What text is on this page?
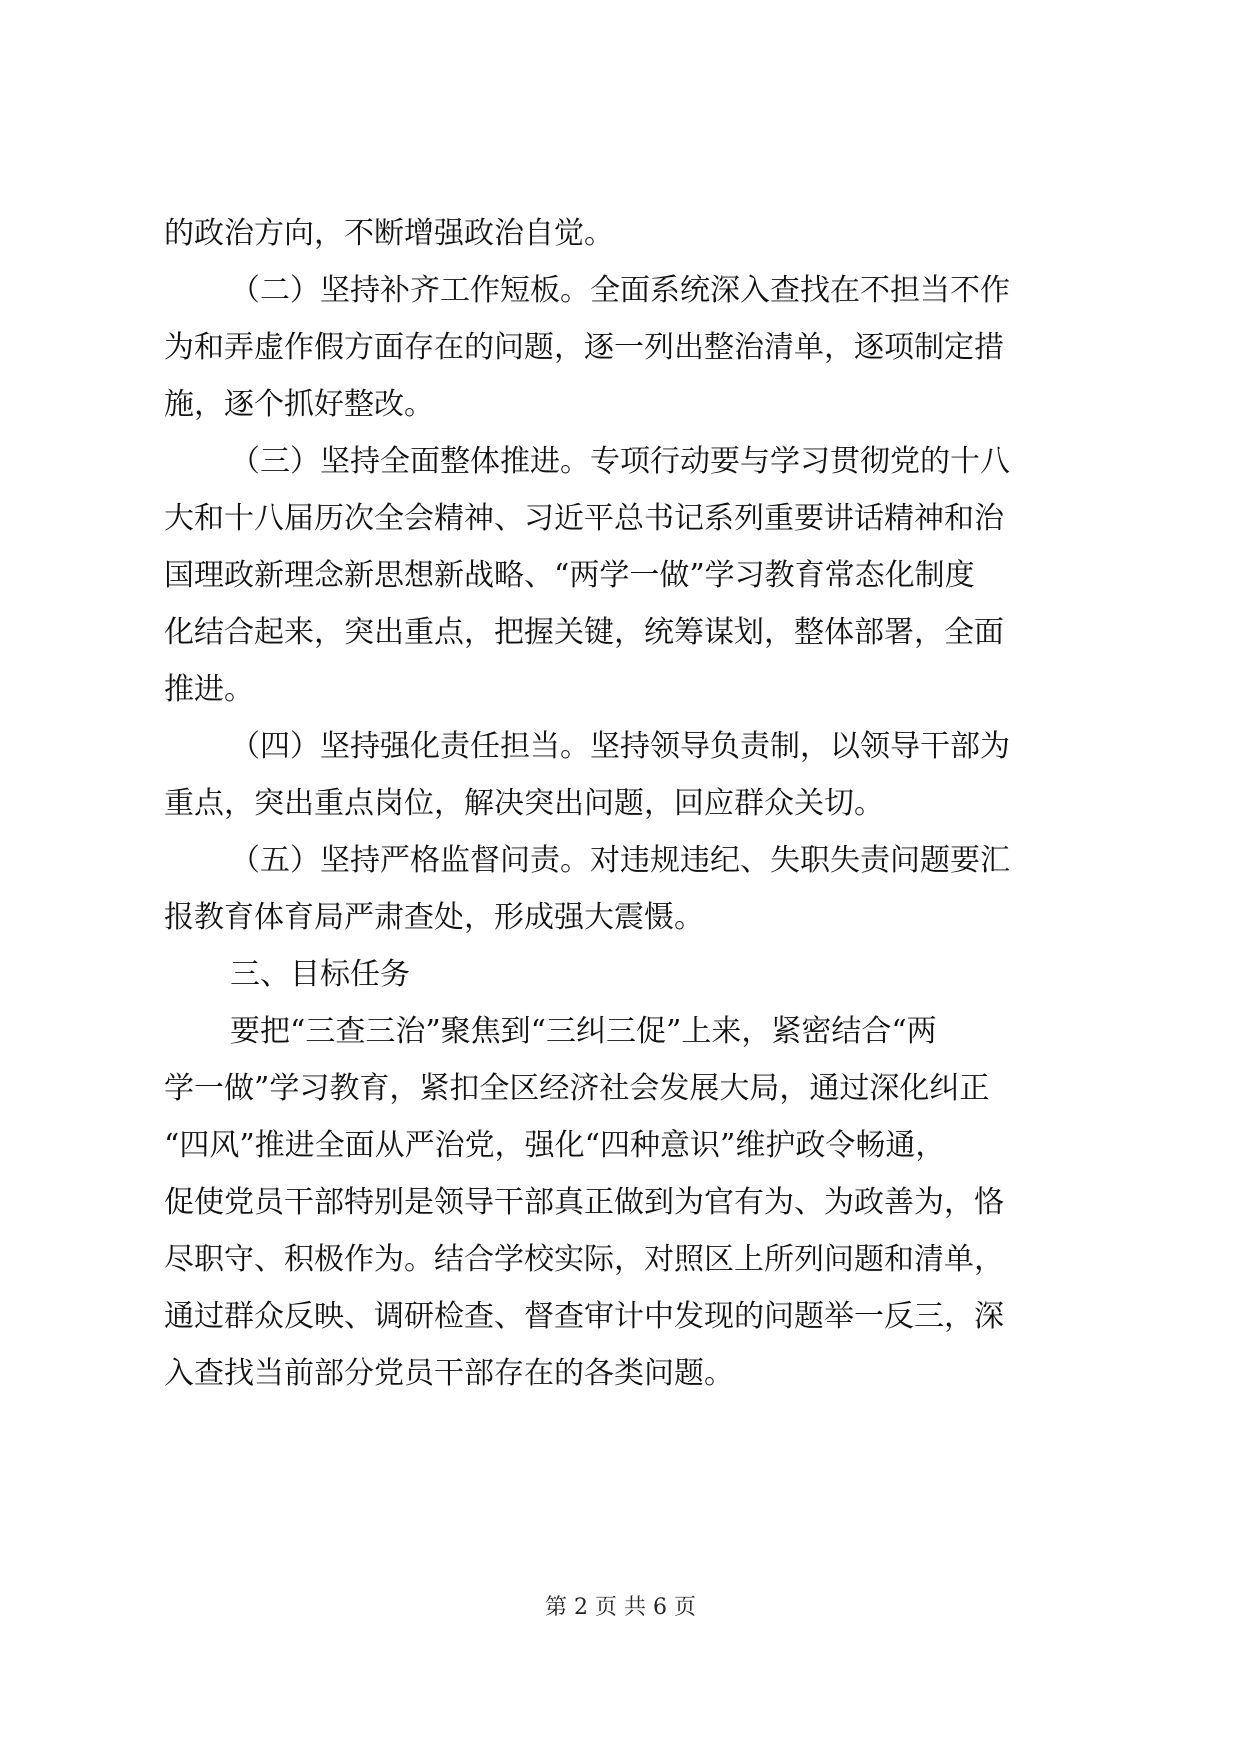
的政治方向，不断增强政治自觉。
（二）坚持补齐工作短板。全面系统深入查找在不担当不作
为和弄虚作假方面存在的问题，逐一列出整治清单，逐项制定措
施，逐个抓好整改。
（三）坚持全面整体推进。专项行动要与学习贯彻党的十八
大和十八届历次全会精神、习近平总书记系列重要讲话精神和治
国理政新理念新思想新战略、“两学一做”学习教育常态化制度
化结合起来，突出重点，把握关键，统筹谋划，整体部署，全面
推进。
（四）坚持强化责任担当。坚持领导负责制，以领导干部为
重点，突出重点岗位，解决突出问题，回应群众关切。
（五）坚持严格监督问责。对违规违纪、失职失责问题要汇
报教育体育局严肃查处，形成强大震慑。
三、目标任务
要把“三查三治”聚焦到“三纠三促”上来，紧密结合“两
学一做”学习教育，紧扣全区经济社会发展大局，通过深化纠正
“四风”推进全面从严治党，强化“四种意识”维护政令畅通，
促使党员干部特别是领导干部真正做到为官有为、为政善为，恪
尽职守、积极作为。结合学校实际，对照区上所列问题和清单，
通过群众反映、调研检查、督查审计中发现的问题举一反三，深
入查找当前部分党员干部存在的各类问题。
第 2 页 共 6 页
